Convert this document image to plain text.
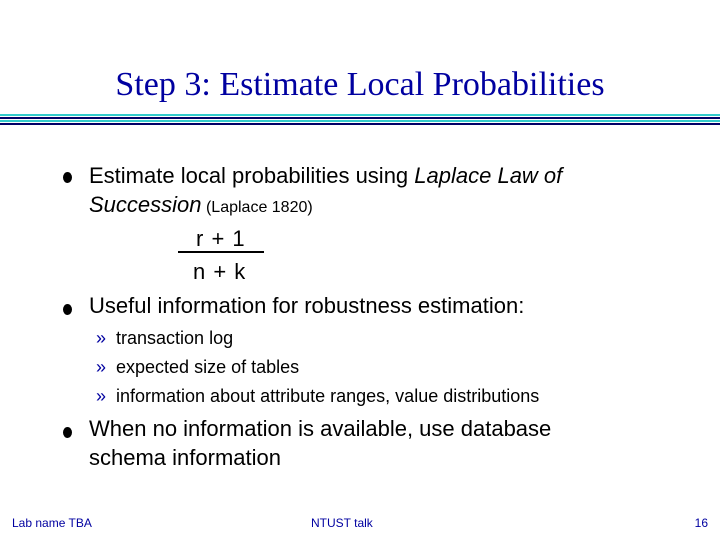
Step 3: Estimate Local Probabilities
Estimate local probabilities using Laplace Law of
Succession (Laplace 1820)
r + 1
n + k
Useful information for robustness estimation:
» transaction log
» expected size of tables
» information about attribute ranges, value distributions
When no information is available, use database
schema information
Lab name TBA	NTUST talk	16
